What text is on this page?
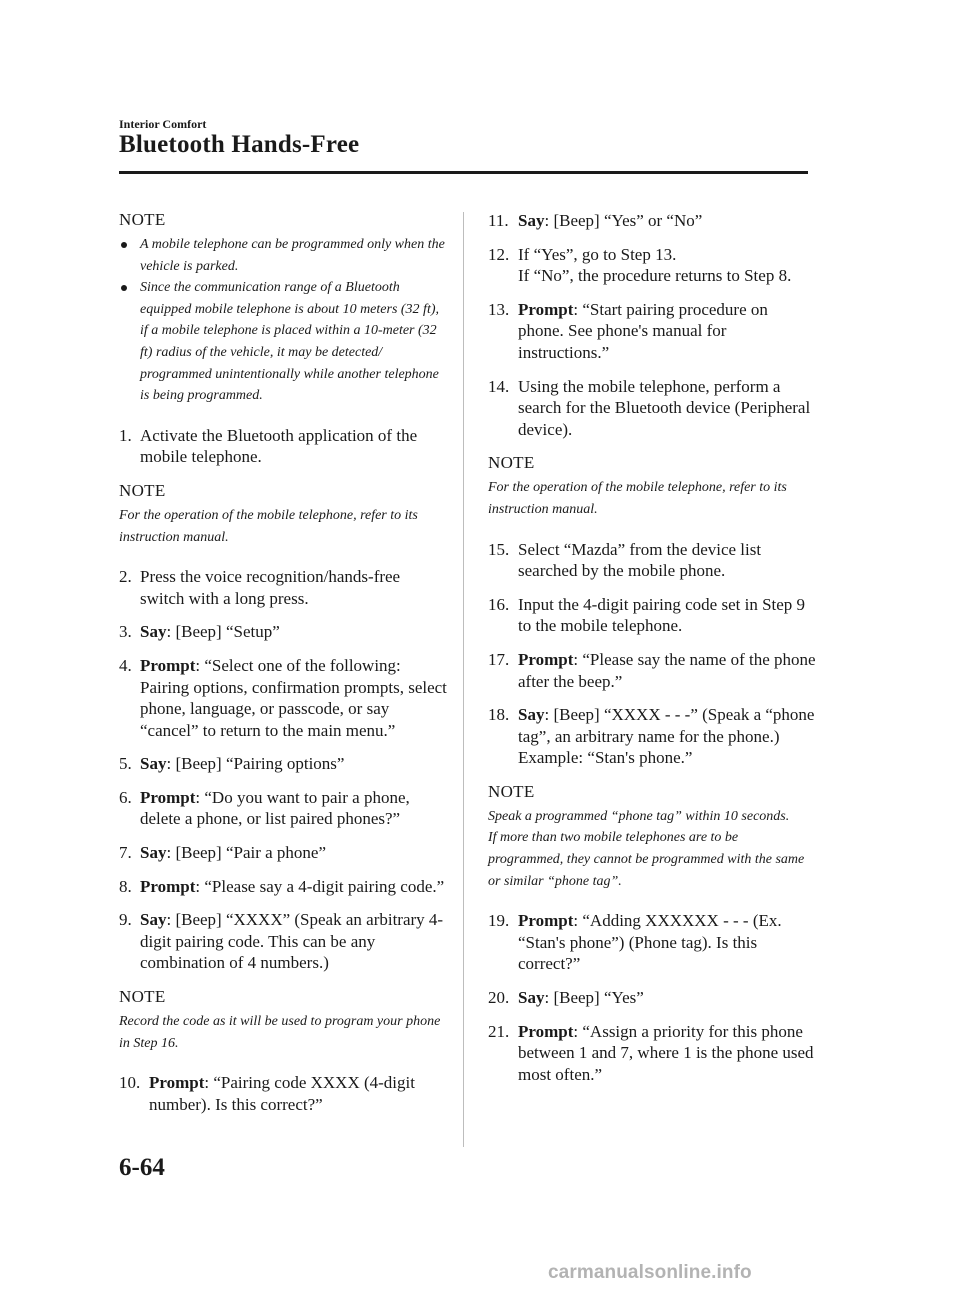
Interior Comfort
Bluetooth Hands-Free

NOTE

A mobile telephone can be programmed only when the vehicle is parked.
Since the communication range of a Bluetooth equipped mobile telephone is about 10 meters (32 ft), if a mobile telephone is placed within a 10-meter (32 ft) radius of the vehicle, it may be detected/ programmed unintentionally while another telephone is being programmed.
1. Activate the Bluetooth application of the mobile telephone.

NOTE

For the operation of the mobile telephone, refer to its instruction manual.

2. Press the voice recognition/hands-free switch with a long press.
3. Say: [Beep] “Setup”
4. Prompt: “Select one of the following: Pairing options, confirmation prompts, select phone, language, or passcode, or say “cancel” to return to the main menu.”
5. Say: [Beep] “Pairing options”
6. Prompt: “Do you want to pair a phone, delete a phone, or list paired phones?”
7. Say: [Beep] “Pair a phone”
8. Prompt: “Please say a 4-digit pairing code.”
9. Say: [Beep] “XXXX” (Speak an arbitrary 4-digit pairing code. This can be any combination of 4 numbers.)

NOTE

Record the code as it will be used to program your phone in Step 16.

10. Prompt: “Pairing code XXXX (4-digit number). Is this correct?”
11. Say: [Beep] “Yes” or “No”
12. If “Yes”, go to Step 13.
If “No”, the procedure returns to Step 8.
13. Prompt: “Start pairing procedure on phone. See phone's manual for instructions.”
14. Using the mobile telephone, perform a search for the Bluetooth device (Peripheral device).

NOTE

For the operation of the mobile telephone, refer to its instruction manual.

15. Select “Mazda” from the device list searched by the mobile phone.
16. Input the 4-digit pairing code set in Step 9 to the mobile telephone.
17. Prompt: “Please say the name of the phone after the beep.”
18. Say: [Beep] “XXXX - - -” (Speak a “phone tag”, an arbitrary name for the phone.)
Example: “Stan's phone.”

NOTE

Speak a programmed “phone tag” within 10 seconds.

If more than two mobile telephones are to be programmed, they cannot be programmed with the same or similar “phone tag”.

19. Prompt: “Adding XXXXXX - - - (Ex. “Stan's phone”) (Phone tag). Is this correct?”
20. Say: [Beep] “Yes”
21. Prompt: “Assign a priority for this phone between 1 and 7, where 1 is the phone used most often.”
6-64
carmanualsonline.info
